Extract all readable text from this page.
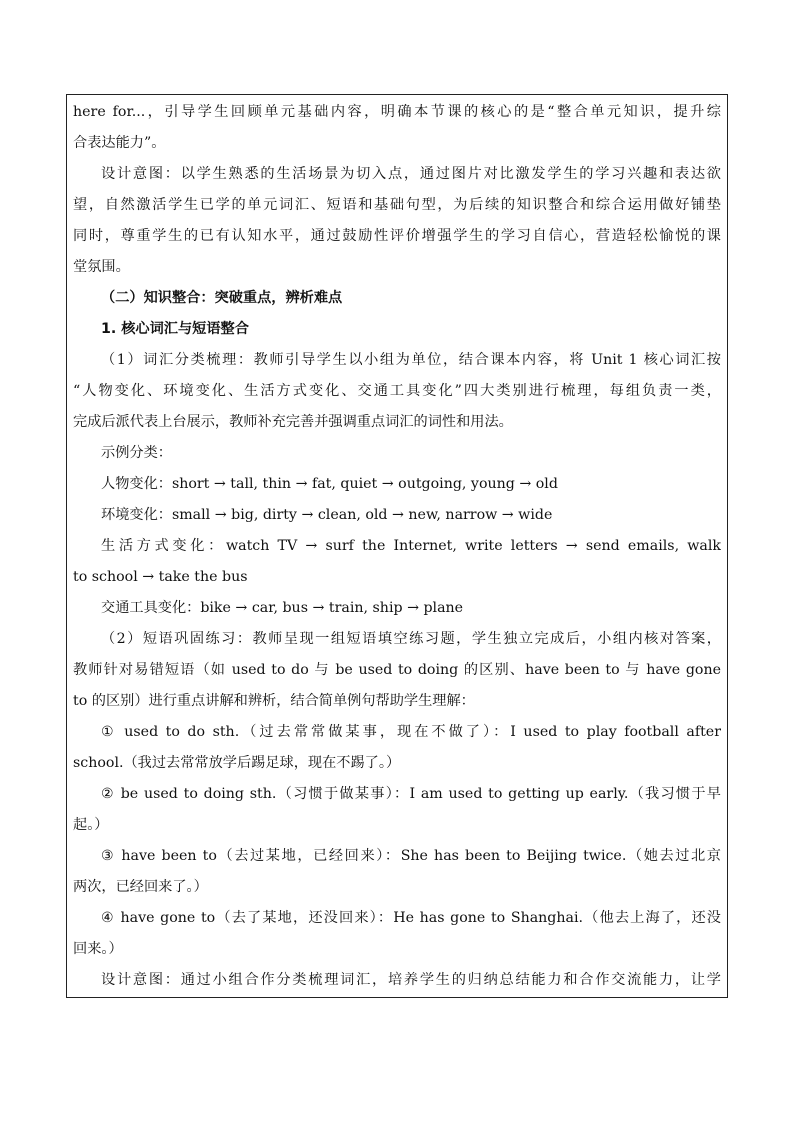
here for...，引导学生回顾单元基础内容，明确本节课的核心的是“整合单元知识，提升综
合表达能力”。
设计意图：以学生熟悉的生活场景为切入点，通过图片对比激发学生的学习兴趣和表达欲
望，自然激活学生已学的单元词汇、短语和基础句型，为后续的知识整合和综合运用做好铺垫
同时，尊重学生的已有认知水平，通过鼓励性评价增强学生的学习自信心，营造轻松愉悦的课
堂氛围。
（二）知识整合：突破重点，辨析难点
1. 核心词汇与短语整合
（1）词汇分类梳理：教师引导学生以小组为单位，结合课本内容，将 Unit 1 核心词汇按
“人物变化、环境变化、生活方式变化、交通工具变化”四大类别进行梳理，每组负责一类，
完成后派代表上台展示，教师补充完善并强调重点词汇的词性和用法。
示例分类：
人物变化：short → tall, thin → fat, quiet → outgoing, young → old
环境变化：small → big, dirty → clean, old → new, narrow → wide
生活方式变化：watch TV → surf the Internet, write letters → send emails, walk
to school → take the bus
交通工具变化：bike → car, bus → train, ship → plane
（2）短语巩固练习：教师呈现一组短语填空练习题，学生独立完成后，小组内核对答案，
教师针对易错短语（如 used to do 与 be used to doing 的区别、have been to 与 have gone
to 的区别）进行重点讲解和辨析，结合简单例句帮助学生理解：
① used to do sth.（过去常常做某事，现在不做了）：I used to play football after
school.（我过去常常放学后踢足球，现在不踢了。）
② be used to doing sth.（习惯于做某事）：I am used to getting up early.（我习惯于早
起。）
③ have been to（去过某地，已经回来）：She has been to Beijing twice.（她去过北京
两次，已经回来了。）
④ have gone to（去了某地，还没回来）：He has gone to Shanghai.（他去上海了，还没
回来。）
设计意图：通过小组合作分类梳理词汇，培养学生的归纳总结能力和合作交流能力，让学
